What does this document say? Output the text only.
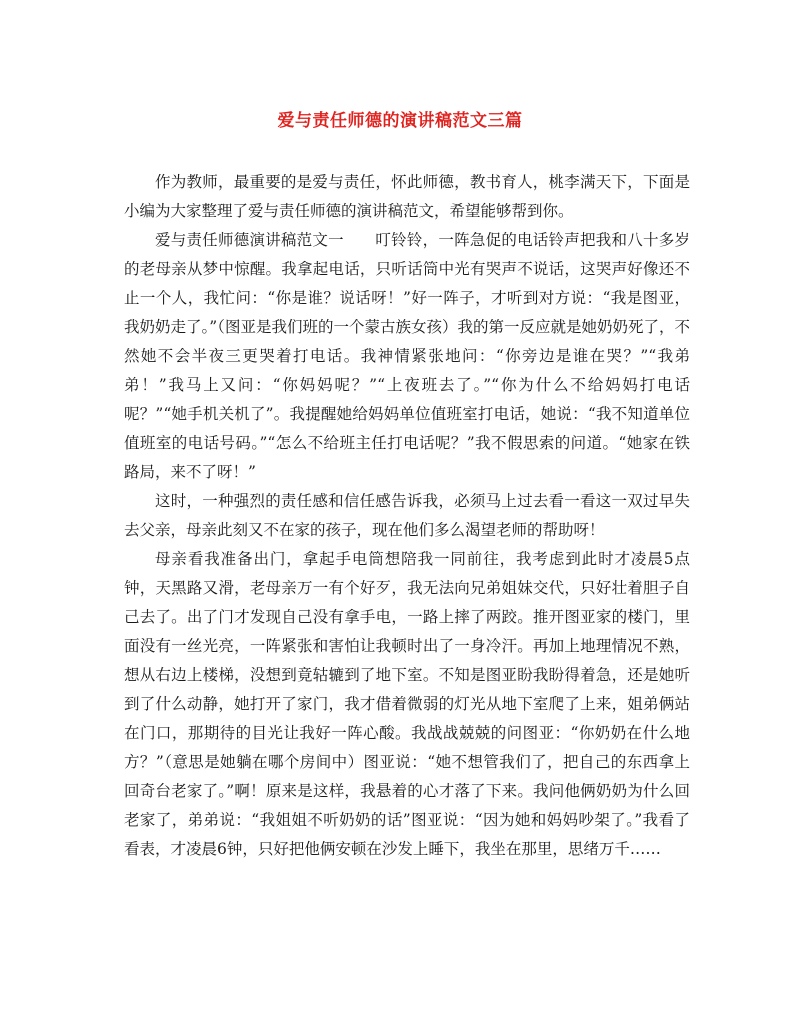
爱与责任师德的演讲稿范文三篇

作为教师，最重要的是爱与责任，怀此师德，教书育人，桃李满天下，下面是小编为大家整理了爱与责任师德的演讲稿范文，希望能够帮到你。

爱与责任师德演讲稿范文一　　叮铃铃，一阵急促的电话铃声把我和八十多岁的老母亲从梦中惊醒。我拿起电话，只听话筒中光有哭声不说话，这哭声好像还不止一个人，我忙问：“你是谁？说话呀！”好一阵子，才听到对方说：“我是图亚，我奶奶走了。”（图亚是我们班的一个蒙古族女孩）我的第一反应就是她奶奶死了，不然她不会半夜三更哭着打电话。我神情紧张地问：“你旁边是谁在哭？”“我弟弟！”我马上又问：“你妈妈呢？”“上夜班去了。”“你为什么不给妈妈打电话呢？”“她手机关机了”。我提醒她给妈妈单位值班室打电话，她说：“我不知道单位值班室的电话号码。”“怎么不给班主任打电话呢？”我不假思索的问道。“她家在铁路局，来不了呀！”

这时，一种强烈的责任感和信任感告诉我，必须马上过去看一看这一双过早失去父亲，母亲此刻又不在家的孩子，现在他们多么渴望老师的帮助呀！

母亲看我准备出门，拿起手电筒想陪我一同前往，我考虑到此时才凌晨5点钟，天黑路又滑，老母亲万一有个好歹，我无法向兄弟姐妹交代，只好壮着胆子自己去了。出了门才发现自己没有拿手电，一路上摔了两跤。推开图亚家的楼门，里面没有一丝光亮，一阵紧张和害怕让我顿时出了一身冷汗。再加上地理情况不熟，想从右边上楼梯，没想到竟轱辘到了地下室。不知是图亚盼我盼得着急，还是她听到了什么动静，她打开了家门，我才借着微弱的灯光从地下室爬了上来，姐弟俩站在门口，那期待的目光让我好一阵心酸。我战战兢兢的问图亚：“你奶奶在什么地方？”（意思是她躺在哪个房间中）图亚说：“她不想管我们了，把自己的东西拿上回奇台老家了。”啊！原来是这样，我悬着的心才落了下来。我问他俩奶奶为什么回老家了，弟弟说：“我姐姐不听奶奶的话”图亚说：“因为她和妈妈吵架了。”我看了看表，才凌晨6钟，只好把他俩安顿在沙发上睡下，我坐在那里，思绪万千……
